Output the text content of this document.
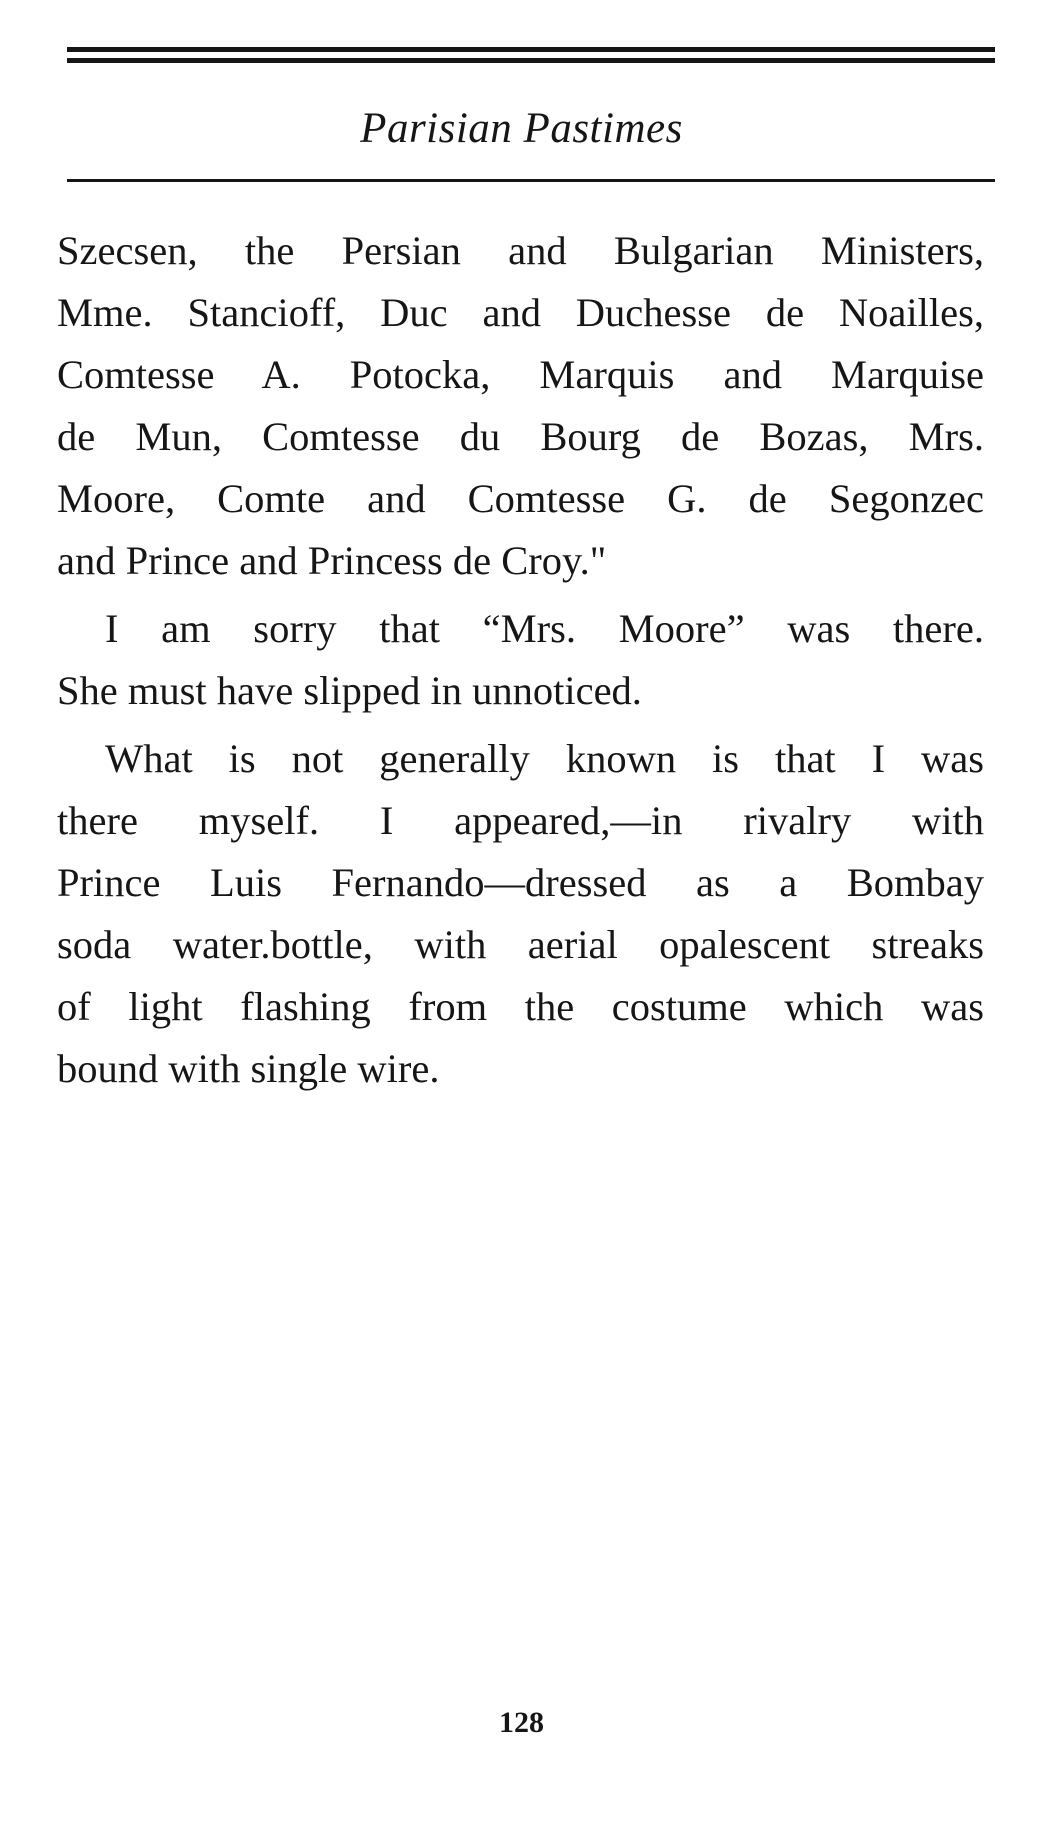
Parisian Pastimes
Szecsen, the Persian and Bulgarian Ministers,
Mme. Stancioff, Duc and Duchesse de Noailles,
Comtesse A. Potocka, Marquis and Marquise
de Mun, Comtesse du Bourg de Bozas, Mrs.
Moore, Comte and Comtesse G. de Segonzec
and Prince and Princess de Croy."
I am sorry that “Mrs. Moore” was there.
She must have slipped in unnoticed.
What is not generally known is that I was
there myself. I appeared,—in rivalry with
Prince Luis Fernando—dressed as a Bombay
soda water.bottle, with aerial opalescent streaks
of light flashing from the costume which was
bound with single wire.
128
